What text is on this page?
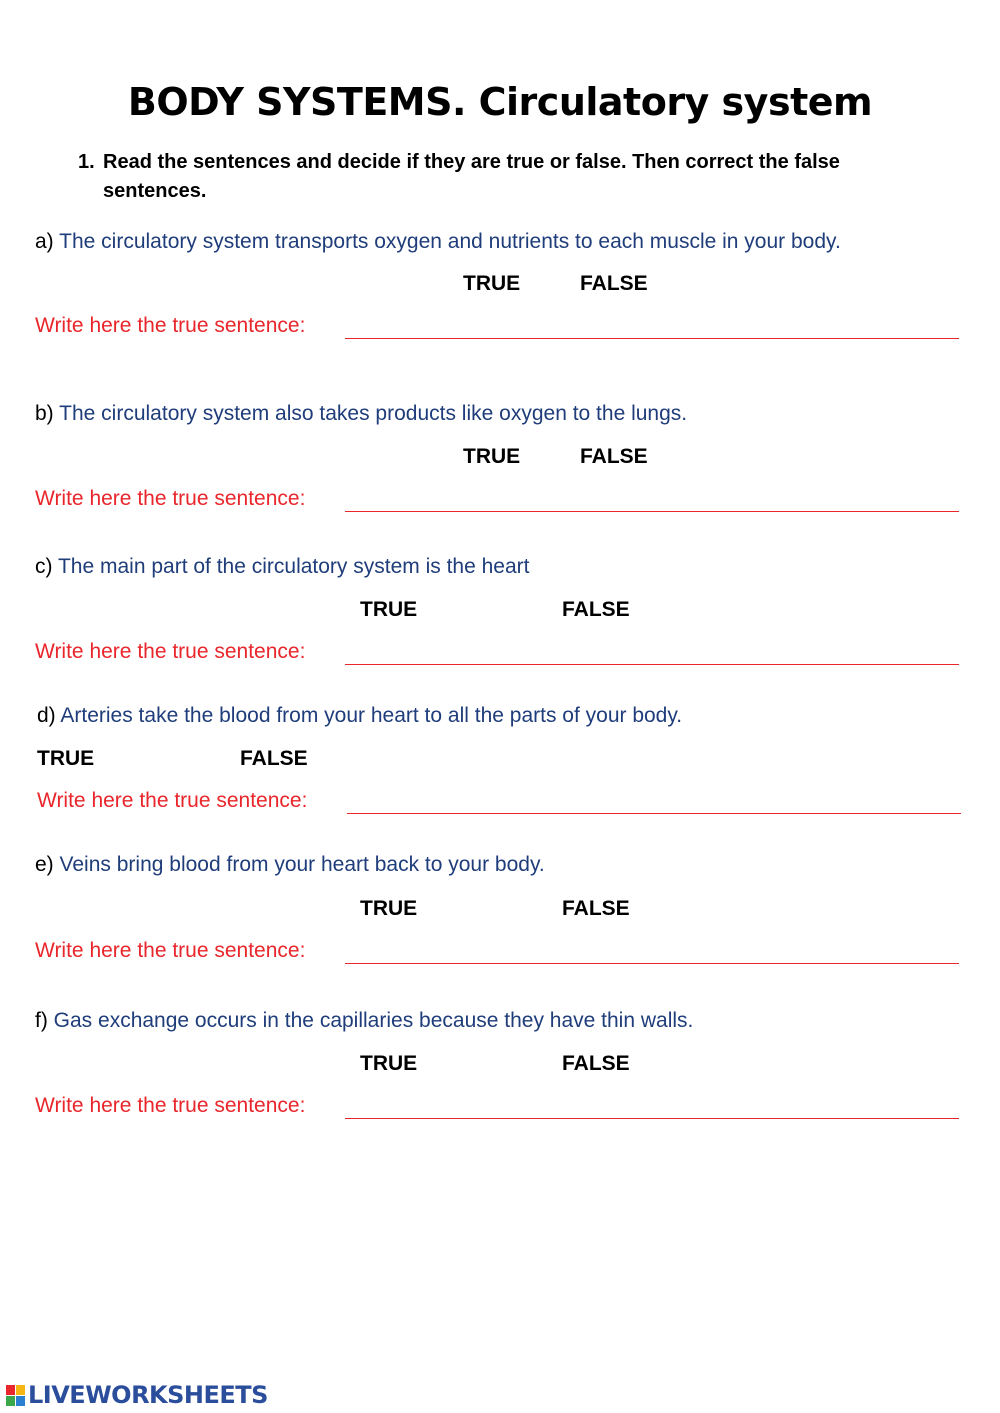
BODY SYSTEMS. Circulatory system
1. Read the sentences and decide if they are true or false. Then correct the false sentences.
a) The circulatory system transports oxygen and nutrients to each muscle in your body.
TRUE	FALSE
Write here the true sentence:
b) The circulatory system also takes products like oxygen to the lungs.
TRUE	FALSE
Write here the true sentence:
c) The main part of the circulatory system is the heart
TRUE	FALSE
Write here the true sentence:
d) Arteries take the blood from your heart to all the parts of your body.
TRUE	FALSE
Write here the true sentence:
e) Veins bring blood from your heart back to your body.
TRUE	FALSE
Write here the true sentence:
f) Gas exchange occurs in the capillaries because they have thin walls.
TRUE	FALSE
Write here the true sentence:
LIVEWORKSHEETS
